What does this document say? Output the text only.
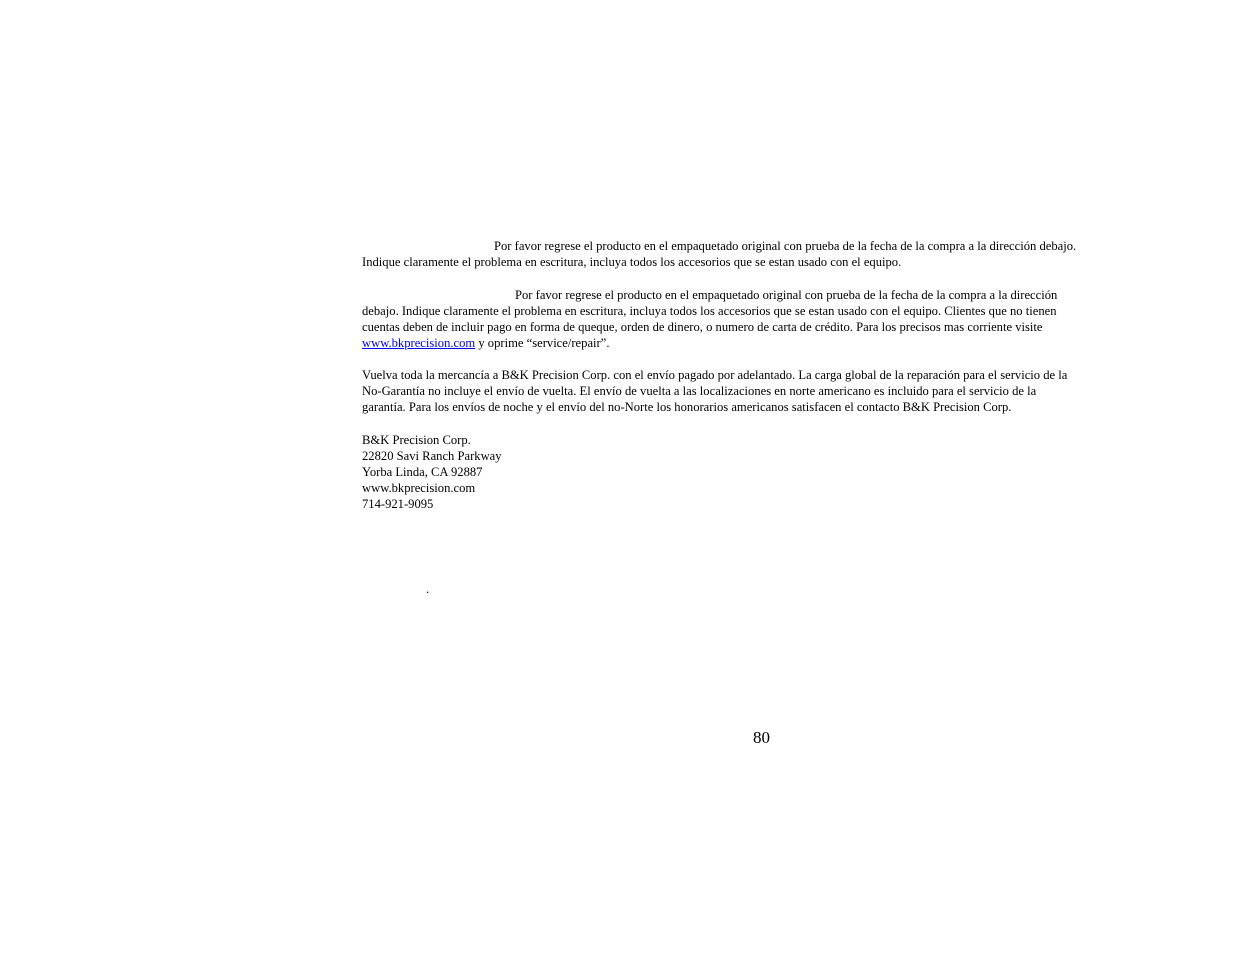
Por favor regrese el producto en el empaquetado original con prueba de la fecha de la compra a la dirección debajo.
Indique claramente el problema en escritura, incluya todos los accesorios que se estan usado con el equipo.
Por favor regrese el producto en el empaquetado original con prueba de la fecha de la compra a la dirección
debajo. Indique claramente el problema en escritura, incluya todos los accesorios que se estan usado con el equipo. Clientes que no tienen
cuentas deben de incluir pago en forma de queque, orden de dinero, o numero de carta de crédito. Para los precisos mas corriente visite
www.bkprecision.com y oprime “service/repair”.
Vuelva toda la mercancía a B&K Precision Corp. con el envío pagado por adelantado. La carga global de la reparación para el servicio de la
No-Garantía no incluye el envío de vuelta. El envío de vuelta a las localizaciones en norte americano es incluido para el servicio de la
garantía. Para los envíos de noche y el envío del no-Norte los honorarios americanos satisfacen el contacto B&K Precision Corp.
B&K Precision Corp.
22820 Savi Ranch Parkway
Yorba Linda, CA 92887
www.bkprecision.com
714-921-9095
.
80
